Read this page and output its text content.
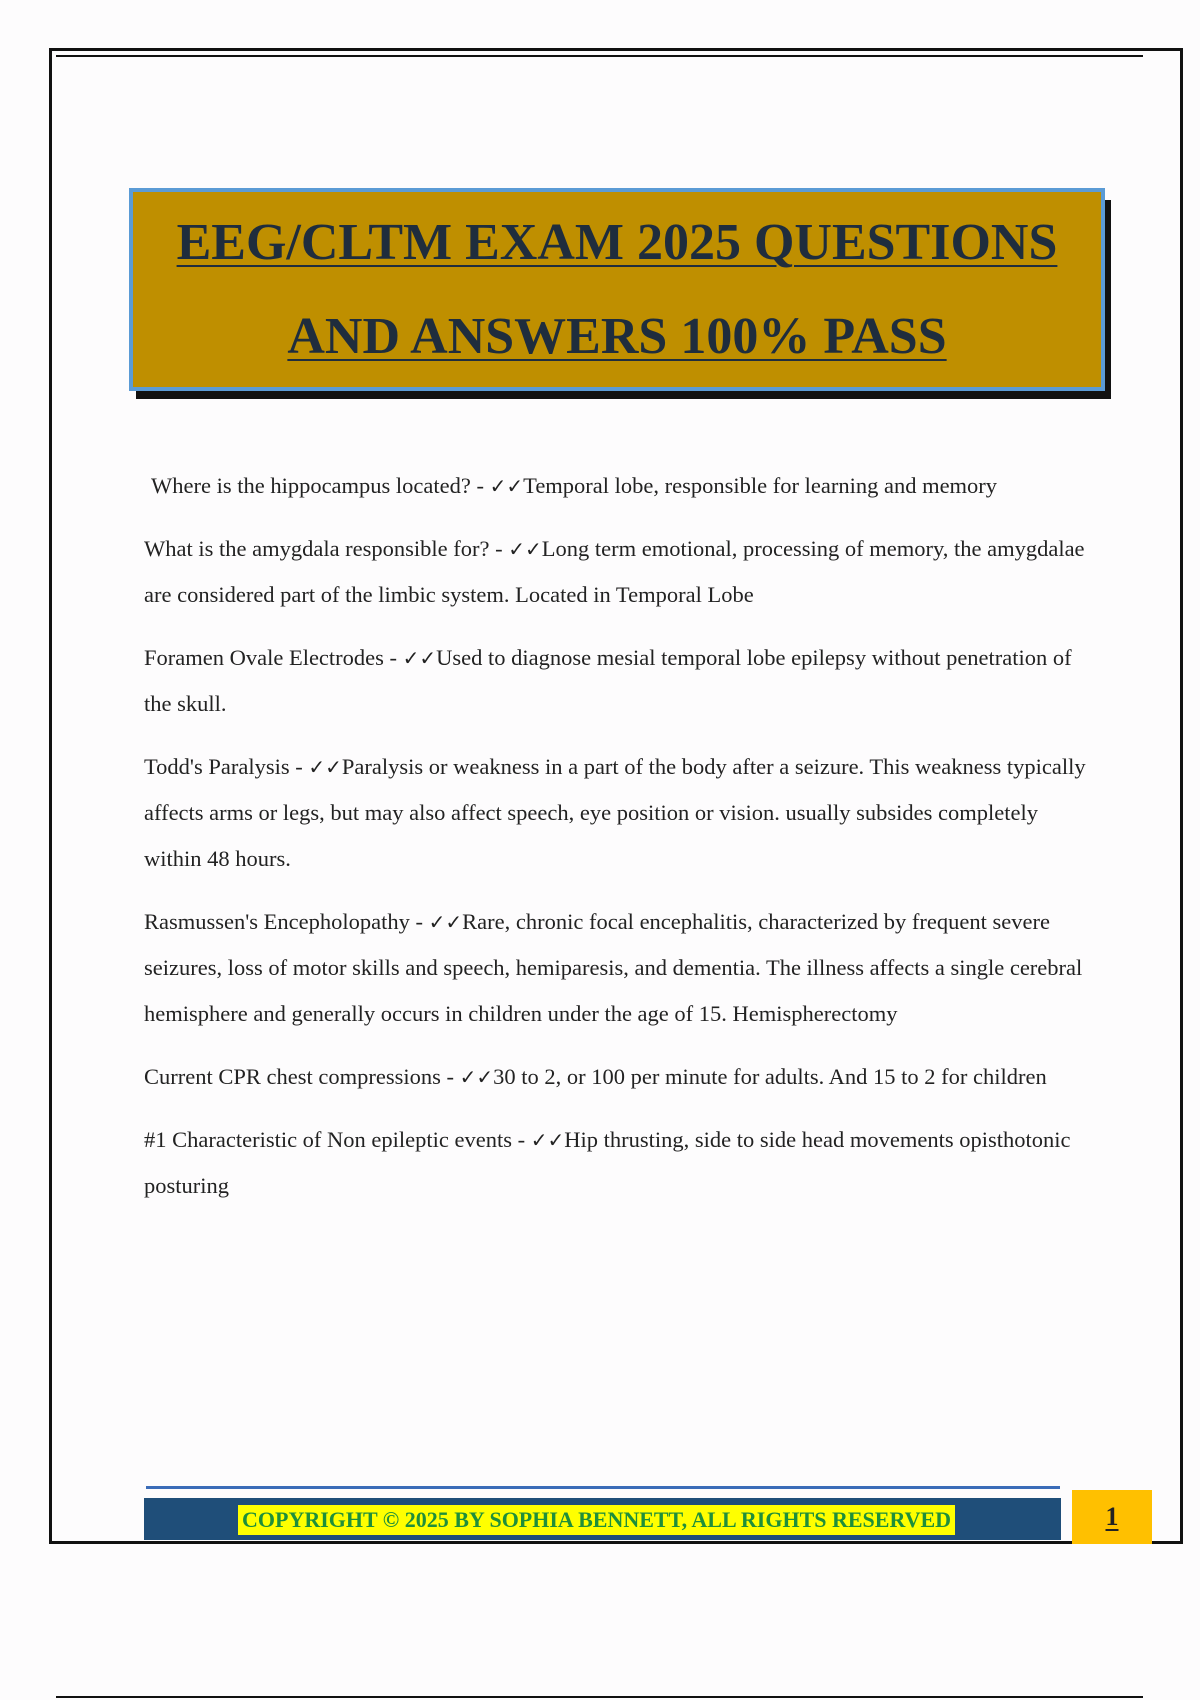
EEG/CLTM EXAM 2025 QUESTIONS
AND ANSWERS 100% PASS
Where is the hippocampus located? - ✓✓Temporal lobe, responsible for learning and memory
What is the amygdala responsible for? - ✓✓Long term emotional, processing of memory, the amygdalae are considered part of the limbic system. Located in Temporal Lobe
Foramen Ovale Electrodes - ✓✓Used to diagnose mesial temporal lobe epilepsy without penetration of the skull.
Todd's Paralysis - ✓✓Paralysis or weakness in a part of the body after a seizure. This weakness typically affects arms or legs, but may also affect speech, eye position or vision. usually subsides completely within 48 hours.
Rasmussen's Encepholopathy - ✓✓Rare, chronic focal encephalitis, characterized by frequent severe seizures, loss of motor skills and speech, hemiparesis, and dementia. The illness affects a single cerebral hemisphere and generally occurs in children under the age of 15. Hemispherectomy
Current CPR chest compressions - ✓✓30 to 2, or 100 per minute for adults. And 15 to 2 for children
#1 Characteristic of Non epileptic events - ✓✓Hip thrusting, side to side head movements opisthotonic posturing
COPYRIGHT © 2025 BY SOPHIA BENNETT, ALL RIGHTS RESERVED	1
